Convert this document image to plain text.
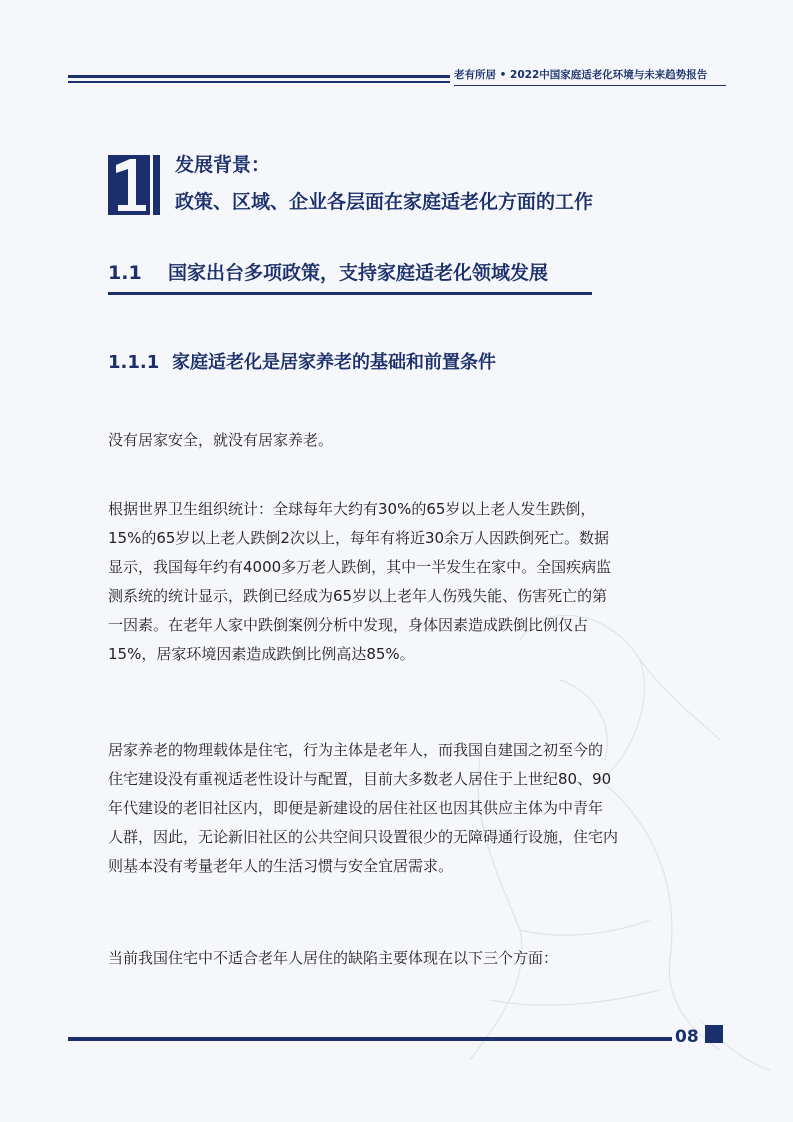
老有所居 • 2022中国家庭适老化环境与未来趋势报告
发展背景：
政策、区域、企业各层面在家庭适老化方面的工作
1.1 国家出台多项政策，支持家庭适老化领域发展
1.1.1 家庭适老化是居家养老的基础和前置条件
没有居家安全，就没有居家养老。
根据世界卫生组织统计：全球每年大约有30%的65岁以上老人发生跌倒，
15%的65岁以上老人跌倒2次以上，每年有将近30余万人因跌倒死亡。数据
显示，我国每年约有4000多万老人跌倒，其中一半发生在家中。全国疾病监
测系统的统计显示，跌倒已经成为65岁以上老年人伤残失能、伤害死亡的第
一因素。在老年人家中跌倒案例分析中发现，身体因素造成跌倒比例仅占
15%，居家环境因素造成跌倒比例高达85%。
居家养老的物理载体是住宅，行为主体是老年人，而我国自建国之初至今的
住宅建设没有重视适老性设计与配置，目前大多数老人居住于上世纪80、90
年代建设的老旧社区内，即便是新建设的居住社区也因其供应主体为中青年
人群，因此，无论新旧社区的公共空间只设置很少的无障碍通行设施，住宅内
则基本没有考量老年人的生活习惯与安全宜居需求。
当前我国住宅中不适合老年人居住的缺陷主要体现在以下三个方面：
08
